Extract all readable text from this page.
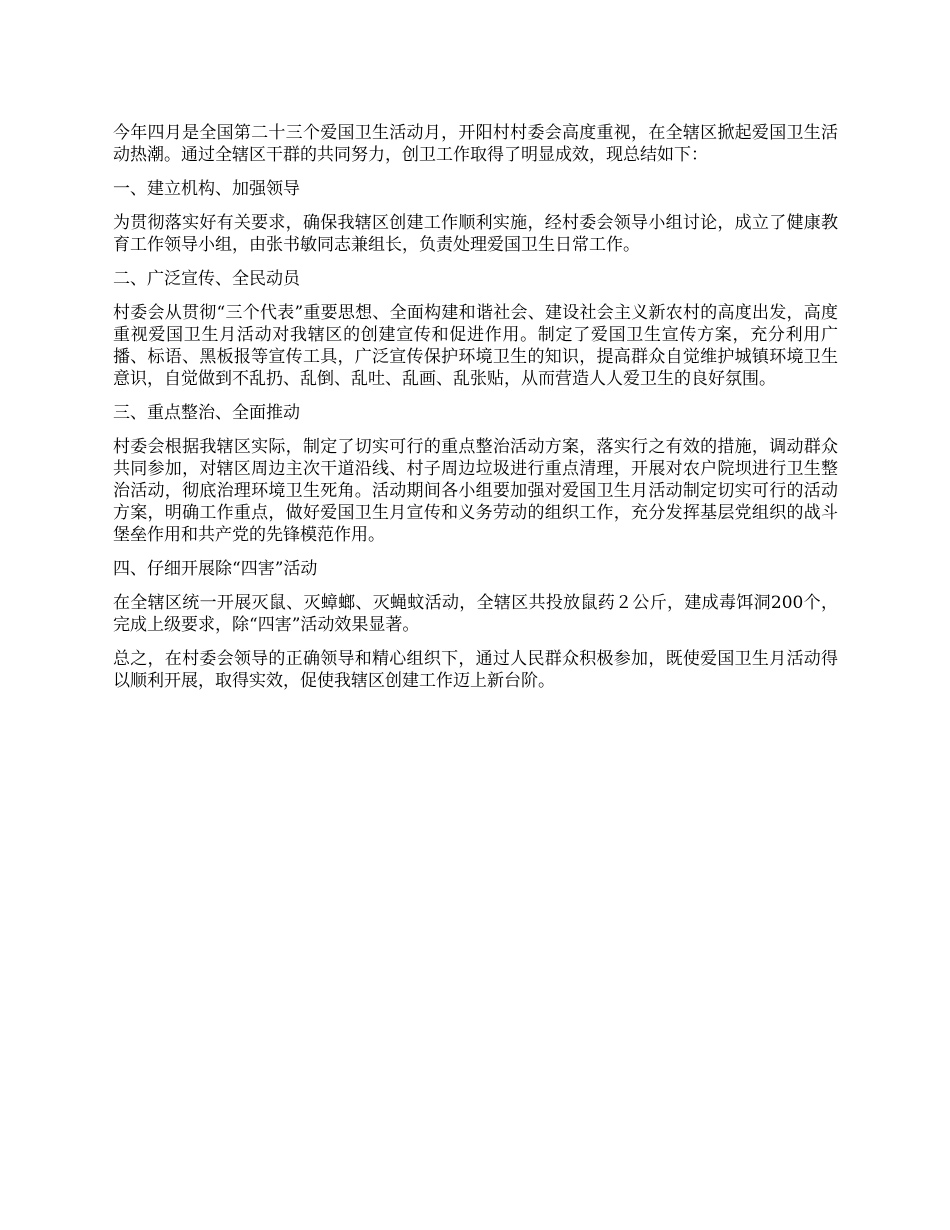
今年四月是全国第二十三个爱国卫生活动月，开阳村村委会高度重视，在全辖区掀起爱国卫生活动热潮。通过全辖区干群的共同努力，创卫工作取得了明显成效，现总结如下：

一、建立机构、加强领导

为贯彻落实好有关要求，确保我辖区创建工作顺利实施，经村委会领导小组讨论，成立了健康教育工作领导小组，由张书敏同志兼组长，负责处理爱国卫生日常工作。

二、广泛宣传、全民动员

村委会从贯彻“三个代表”重要思想、全面构建和谐社会、建设社会主义新农村的高度出发，高度重视爱国卫生月活动对我辖区的创建宣传和促进作用。制定了爱国卫生宣传方案，充分利用广播、标语、黑板报等宣传工具，广泛宣传保护环境卫生的知识，提高群众自觉维护城镇环境卫生意识，自觉做到不乱扔、乱倒、乱吐、乱画、乱张贴，从而营造人人爱卫生的良好氛围。

三、重点整治、全面推动

村委会根据我辖区实际，制定了切实可行的重点整治活动方案，落实行之有效的措施，调动群众共同参加，对辖区周边主次干道沿线、村子周边垃圾进行重点清理，开展对农户院坝进行卫生整治活动，彻底治理环境卫生死角。活动期间各小组要加强对爱国卫生月活动制定切实可行的活动方案，明确工作重点，做好爱国卫生月宣传和义务劳动的组织工作，充分发挥基层党组织的战斗堡垒作用和共产党的先锋模范作用。

四、仔细开展除“四害”活动

在全辖区统一开展灭鼠、灭蟑螂、灭蝇蚊活动，全辖区共投放鼠药２公斤，建成毒饵洞200个，完成上级要求，除“四害”活动效果显著。

总之，在村委会领导的正确领导和精心组织下，通过人民群众积极参加，既使爱国卫生月活动得以顺利开展，取得实效，促使我辖区创建工作迈上新台阶。
